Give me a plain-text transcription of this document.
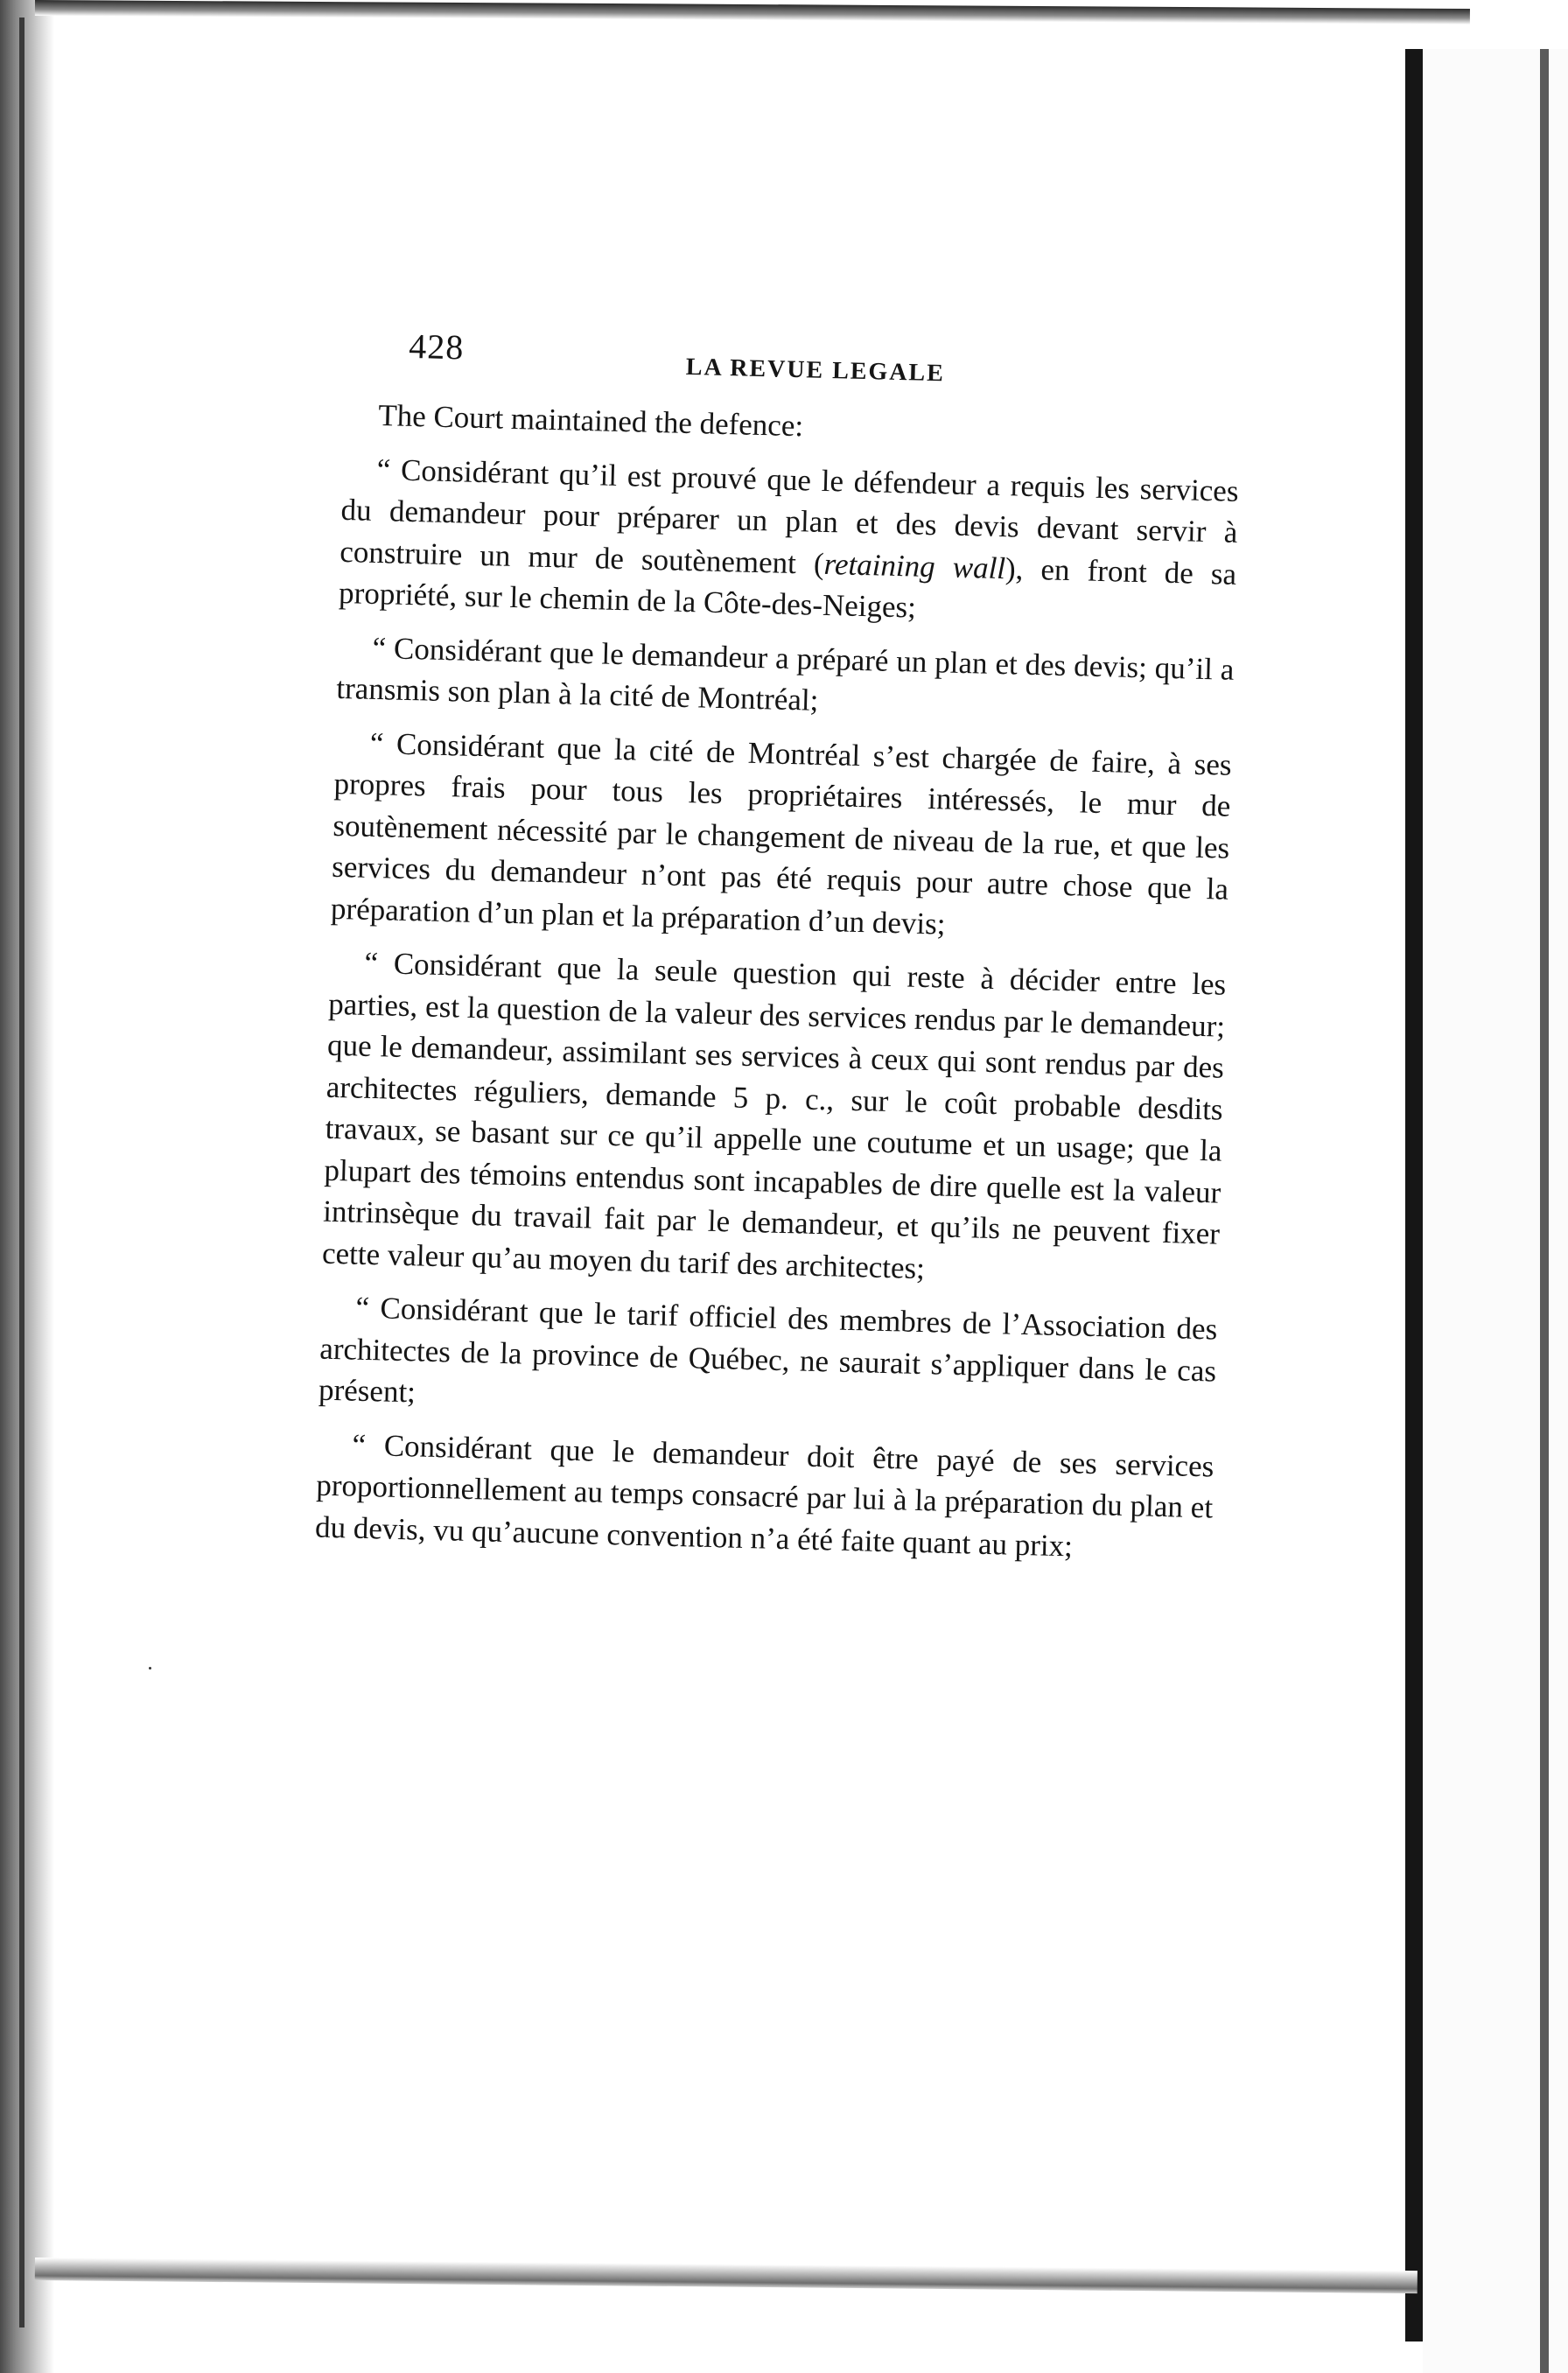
428
LA REVUE LEGALE

The Court maintained the defence:

“ Considérant qu’il est prouvé que le défendeur a requis les services du demandeur pour préparer un plan et des devis devant servir à construire un mur de soutènement (retaining wall), en front de sa propriété, sur le chemin de la Côte-des-Neiges;

“ Considérant que le demandeur a préparé un plan et des devis; qu’il a transmis son plan à la cité de Montréal;

“ Considérant que la cité de Montréal s’est chargée de faire, à ses propres frais pour tous les propriétaires intéressés, le mur de soutènement nécessité par le changement de niveau de la rue, et que les services du demandeur n’ont pas été requis pour autre chose que la préparation d’un plan et la préparation d’un devis;

“ Considérant que la seule question qui reste à décider entre les parties, est la question de la valeur des services rendus par le demandeur; que le demandeur, assimilant ses services à ceux qui sont rendus par des architectes réguliers, demande 5 p. c., sur le coût probable desdits travaux, se basant sur ce qu’il appelle une coutume et un usage; que la plupart des témoins entendus sont incapables de dire quelle est la valeur intrinsèque du travail fait par le demandeur, et qu’ils ne peuvent fixer cette valeur qu’au moyen du tarif des architectes;

“ Considérant que le tarif officiel des membres de l’Association des architectes de la province de Québec, ne saurait s’appliquer dans le cas présent;

“ Considérant que le demandeur doit être payé de ses services proportionnellement au temps consacré par lui à la préparation du plan et du devis, vu qu’aucune convention n’a été faite quant au prix;
